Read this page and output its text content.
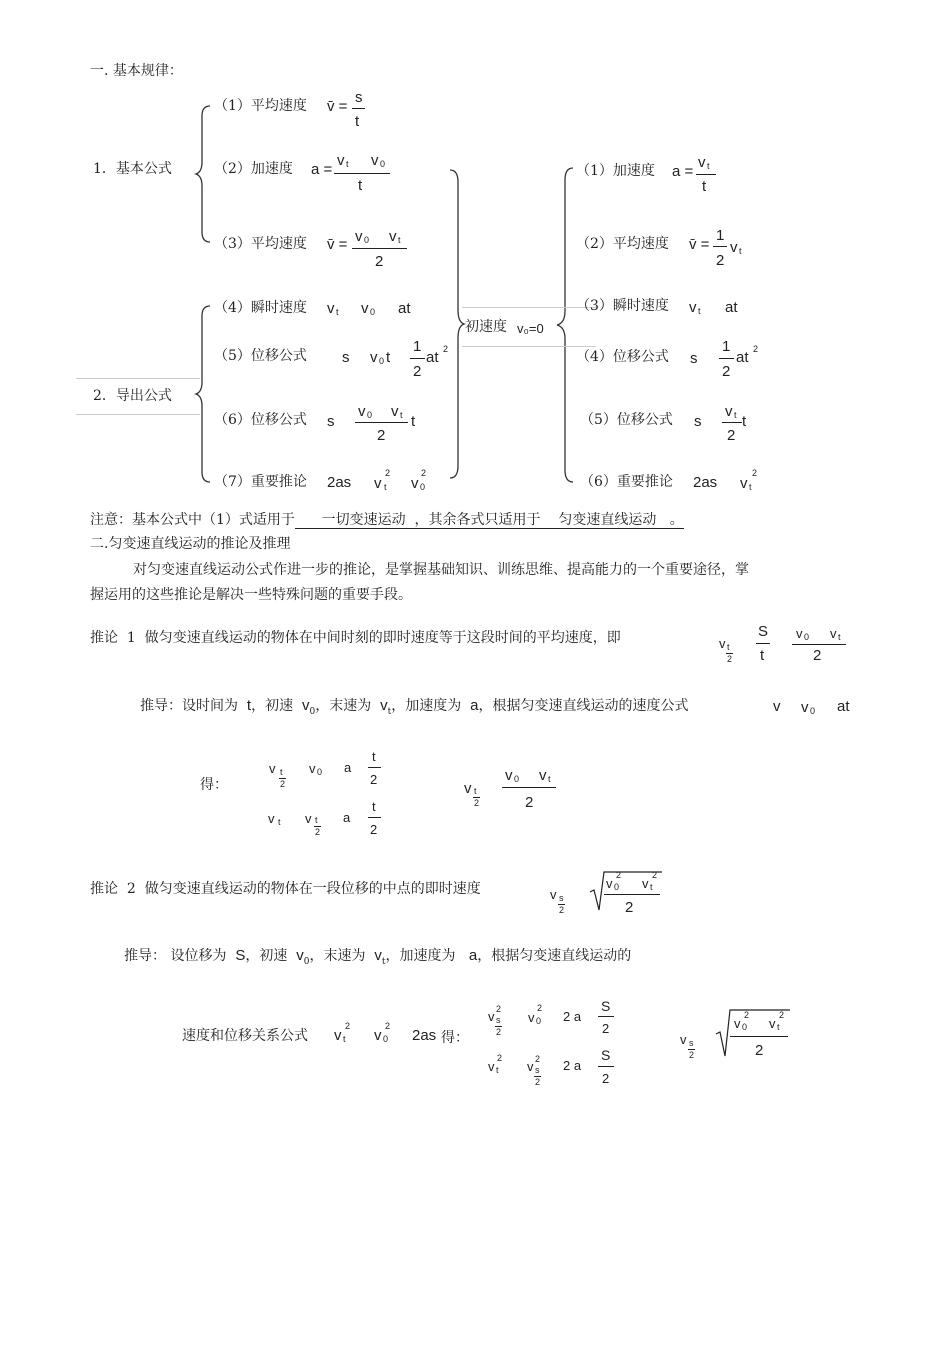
一. 基本规律：
1．基本公式
2．导出公式
初速度 v₀=0
（1）平均速度 v̄ =
s
t
（2）加速度 a =
v t v 0
t
（3）平均速度 v̄ = v 0 v t
2
（4）瞬时速度 v t v 0 at
（5）位移公式 s v 0 t
1
2
at 2
（6）位移公式 s
v 0 v t
2
t
（7）重要推论 2as v t
2
v 0
2
（1）加速度 a =
v t
t
（2）平均速度 v̄ =
1
2
v t
（3）瞬时速度 v t at
（4）位移公式 s
1
2
at 2
（5）位移公式 s
v t
2
t
（6）重要推论 2as v t
2
注意：基本公式中（1）式适用于 一切变速运动 ，其余各式只适用于 匀变速直线运动 。
二.匀变速直线运动的推论及推理
对匀变速直线运动公式作进一步的推论，是掌握基础知识、训练思维、提高能力的一个重要途径，掌
握运用的这些推论是解决一些特殊问题的重要手段。
推论 1 做匀变速直线运动的物体在中间时刻的即时速度等于这段时间的平均速度，即	v t
2
S
t
v 0 v t
2
推导：设时间为 t，初速 $v_0$，末速为 $v_t$，加速度为 a，根据匀变速直线运动的速度公式	v v 0 at
得：
v t
2
v 0 a
t
2
v t v t
2
a
t
2
v t
2
v 0 v t
2
推论 2 做匀变速直线运动的物体在一段位移的中点的即时速度	v s
2
v 0
2
v t
2
2
推导： 设位移为 S，初速 $v_0$，末速为 $v_t$，加速度为 a，根据匀变速直线运动的
速度和位移关系公式 v t
2
v 0
2
2as 得：
v 2
s
2
v 0
2
2 a
S
2
v t
2
v 2
s
2
2 a
S
2
v s
2
v 0
2
v t
2
2
